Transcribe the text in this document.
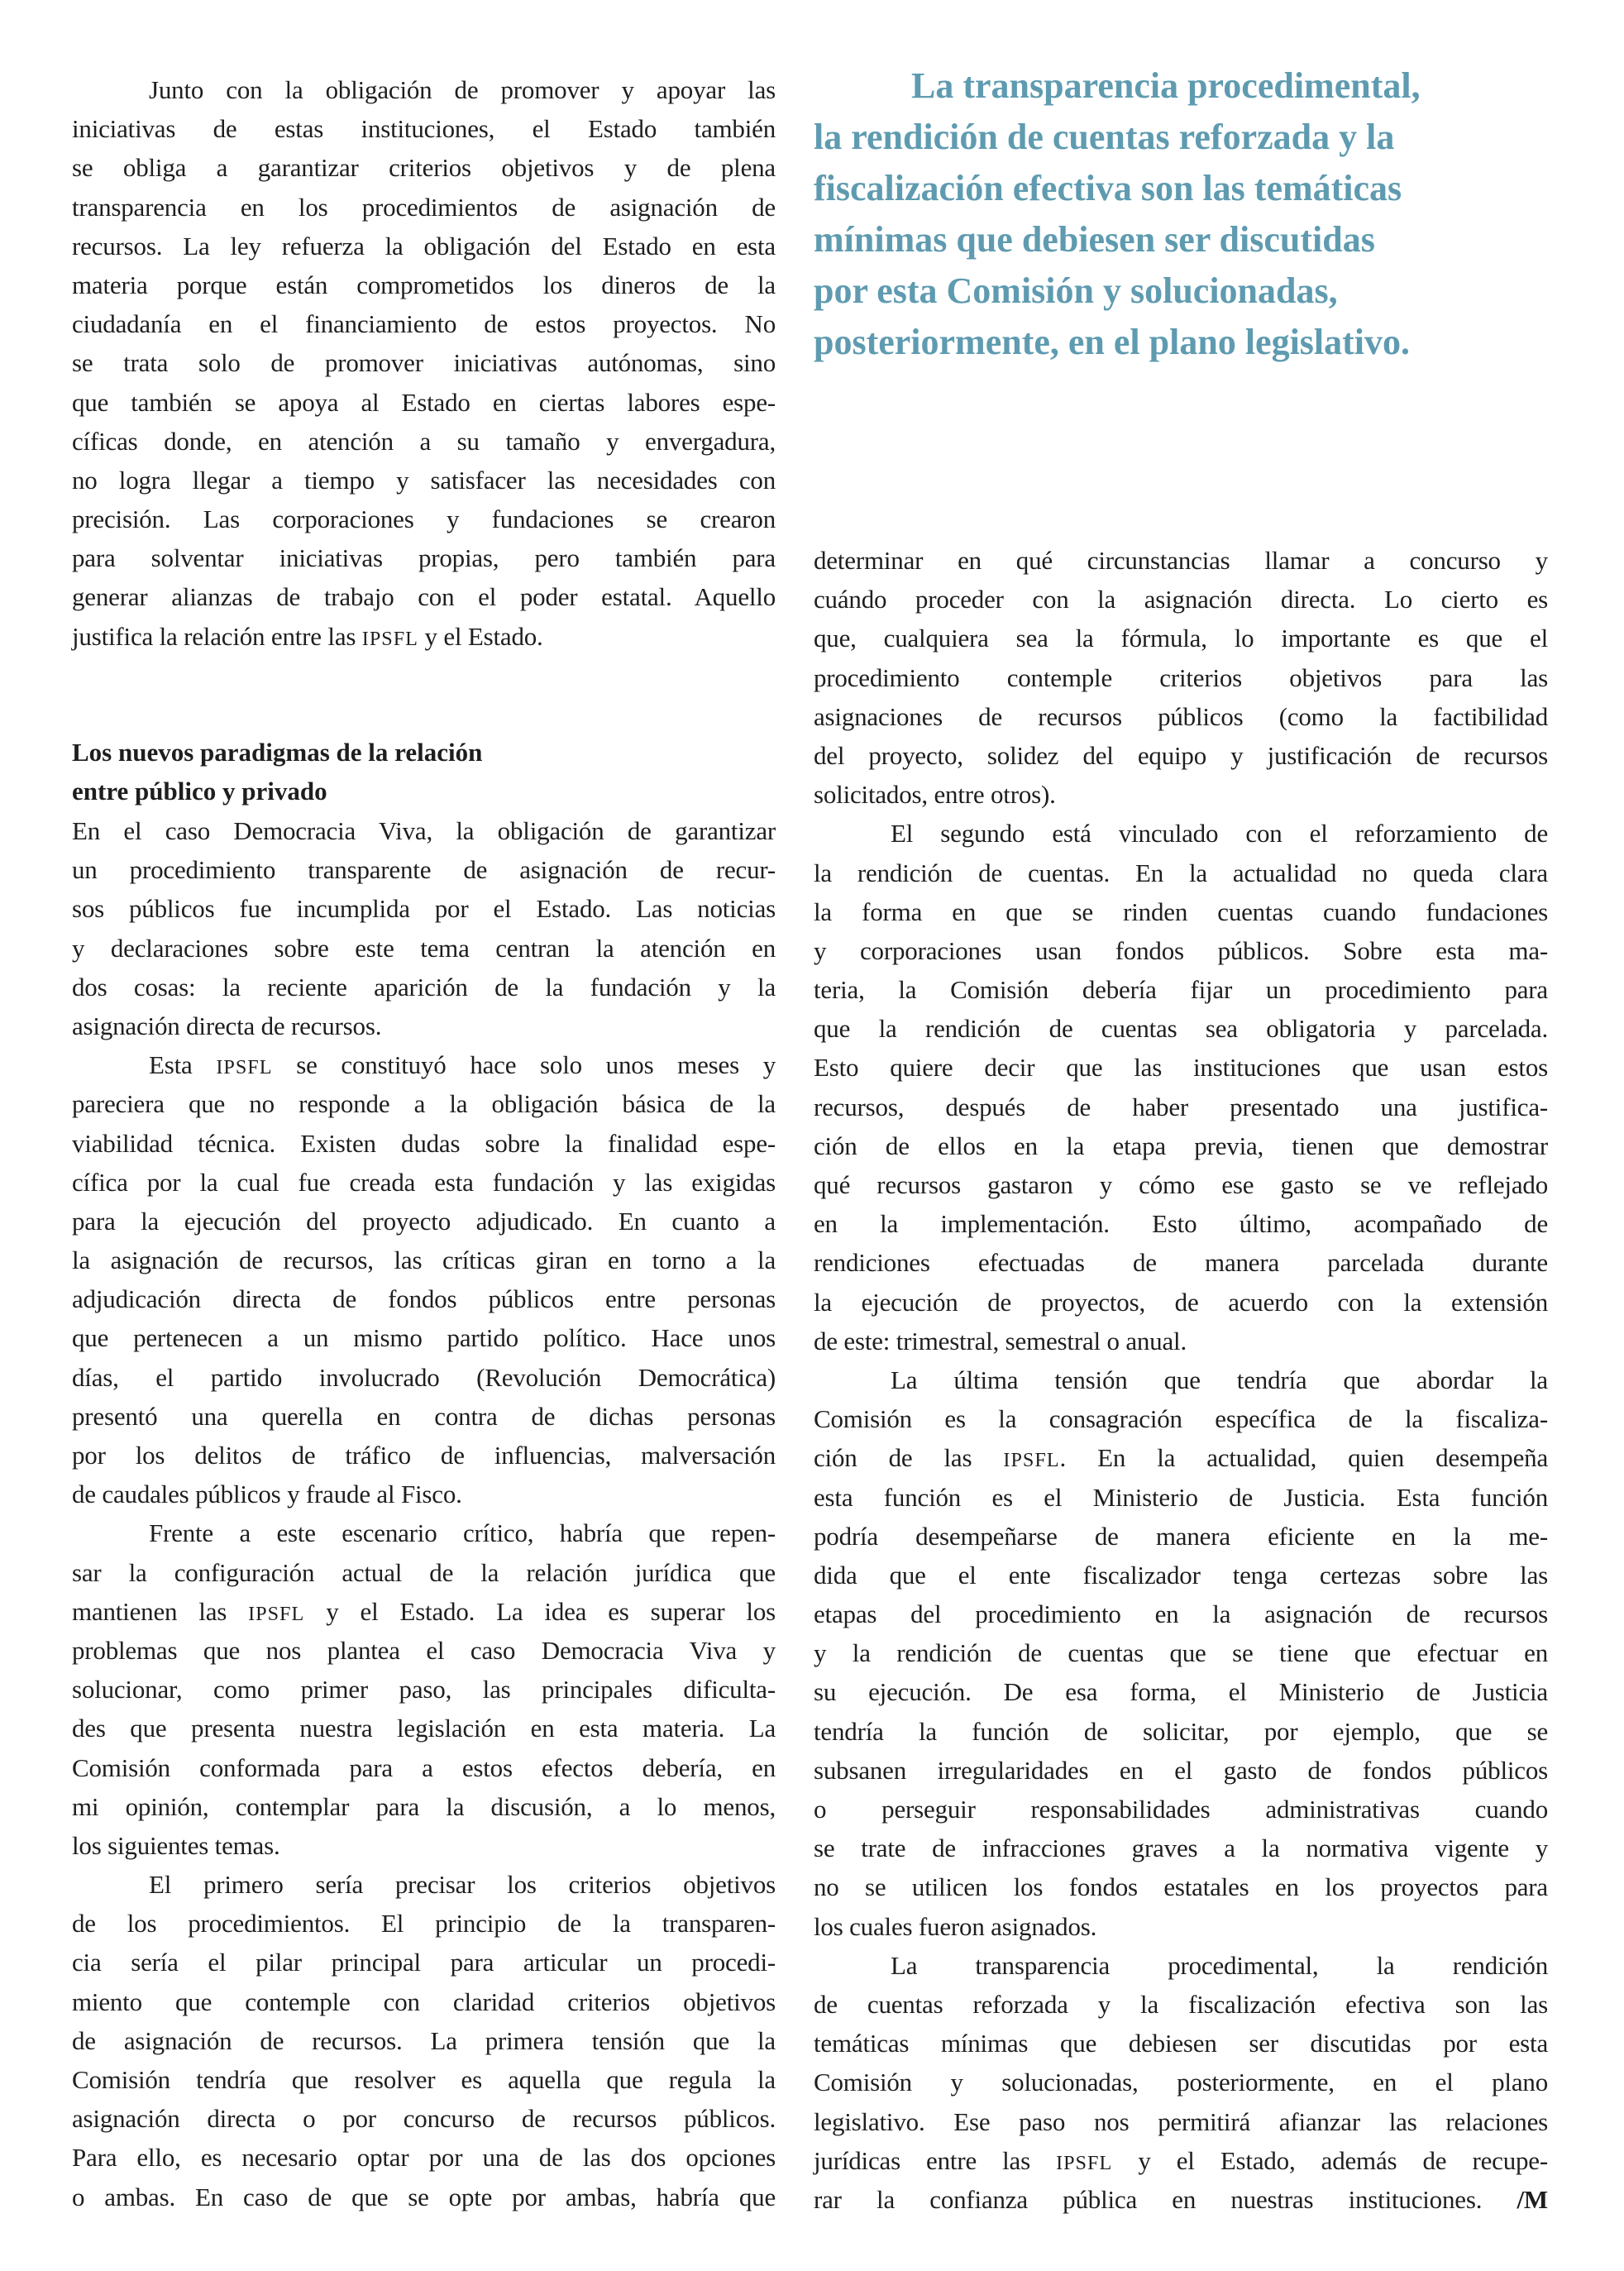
Junto con la obligación de promover y apoyar las
iniciativas de estas instituciones, el Estado también
se obliga a garantizar criterios objetivos y de plena
transparencia en los procedimientos de asignación de
recursos. La ley refuerza la obligación del Estado en esta
materia porque están comprometidos los dineros de la
ciudadanía en el financiamiento de estos proyectos. No
se trata solo de promover iniciativas autónomas, sino
que también se apoya al Estado en ciertas labores espe-
cíficas donde, en atención a su tamaño y envergadura,
no logra llegar a tiempo y satisfacer las necesidades con
precisión. Las corporaciones y fundaciones se crearon
para solventar iniciativas propias, pero también para
generar alianzas de trabajo con el poder estatal. Aquello
justifica la relación entre las IPSFL y el Estado.
Los nuevos paradigmas de la relación
entre público y privado
En el caso Democracia Viva, la obligación de garantizar
un procedimiento transparente de asignación de recur-
sos públicos fue incumplida por el Estado. Las noticias
y declaraciones sobre este tema centran la atención en
dos cosas: la reciente aparición de la fundación y la
asignación directa de recursos.
Esta IPSFL se constituyó hace solo unos meses y
pareciera que no responde a la obligación básica de la
viabilidad técnica. Existen dudas sobre la finalidad espe-
cífica por la cual fue creada esta fundación y las exigidas
para la ejecución del proyecto adjudicado. En cuanto a
la asignación de recursos, las críticas giran en torno a la
adjudicación directa de fondos públicos entre personas
que pertenecen a un mismo partido político. Hace unos
días, el partido involucrado (Revolución Democrática)
presentó una querella en contra de dichas personas
por los delitos de tráfico de influencias, malversación
de caudales públicos y fraude al Fisco.
Frente a este escenario crítico, habría que repen-
sar la configuración actual de la relación jurídica que
mantienen las IPSFL y el Estado. La idea es superar los
problemas que nos plantea el caso Democracia Viva y
solucionar, como primer paso, las principales dificulta-
des que presenta nuestra legislación en esta materia. La
Comisión conformada para a estos efectos debería, en
mi opinión, contemplar para la discusión, a lo menos,
los siguientes temas.
El primero sería precisar los criterios objetivos
de los procedimientos. El principio de la transparen-
cia sería el pilar principal para articular un procedi-
miento que contemple con claridad criterios objetivos
de asignación de recursos. La primera tensión que la
Comisión tendría que resolver es aquella que regula la
asignación directa o por concurso de recursos públicos.
Para ello, es necesario optar por una de las dos opciones
o ambas. En caso de que se opte por ambas, habría que
La transparencia procedimental,
la rendición de cuentas reforzada y la
fiscalización efectiva son las temáticas
mínimas que debiesen ser discutidas
por esta Comisión y solucionadas,
posteriormente, en el plano legislativo.
determinar en qué circunstancias llamar a concurso y
cuándo proceder con la asignación directa. Lo cierto es
que, cualquiera sea la fórmula, lo importante es que el
procedimiento contemple criterios objetivos para las
asignaciones de recursos públicos (como la factibilidad
del proyecto, solidez del equipo y justificación de recursos
solicitados, entre otros).
El segundo está vinculado con el reforzamiento de
la rendición de cuentas. En la actualidad no queda clara
la forma en que se rinden cuentas cuando fundaciones
y corporaciones usan fondos públicos. Sobre esta ma-
teria, la Comisión debería fijar un procedimiento para
que la rendición de cuentas sea obligatoria y parcelada.
Esto quiere decir que las instituciones que usan estos
recursos, después de haber presentado una justifica-
ción de ellos en la etapa previa, tienen que demostrar
qué recursos gastaron y cómo ese gasto se ve reflejado
en la implementación. Esto último, acompañado de
rendiciones efectuadas de manera parcelada durante
la ejecución de proyectos, de acuerdo con la extensión
de este: trimestral, semestral o anual.
La última tensión que tendría que abordar la
Comisión es la consagración específica de la fiscaliza-
ción de las IPSFL. En la actualidad, quien desempeña
esta función es el Ministerio de Justicia. Esta función
podría desempeñarse de manera eficiente en la me-
dida que el ente fiscalizador tenga certezas sobre las
etapas del procedimiento en la asignación de recursos
y la rendición de cuentas que se tiene que efectuar en
su ejecución. De esa forma, el Ministerio de Justicia
tendría la función de solicitar, por ejemplo, que se
subsanen irregularidades en el gasto de fondos públicos
o perseguir responsabilidades administrativas cuando
se trate de infracciones graves a la normativa vigente y
no se utilicen los fondos estatales en los proyectos para
los cuales fueron asignados.
La transparencia procedimental, la rendición
de cuentas reforzada y la fiscalización efectiva son las
temáticas mínimas que debiesen ser discutidas por esta
Comisión y solucionadas, posteriormente, en el plano
legislativo. Ese paso nos permitirá afianzar las relaciones
jurídicas entre las IPSFL y el Estado, además de recupe-
rar la confianza pública en nuestras instituciones. /M
